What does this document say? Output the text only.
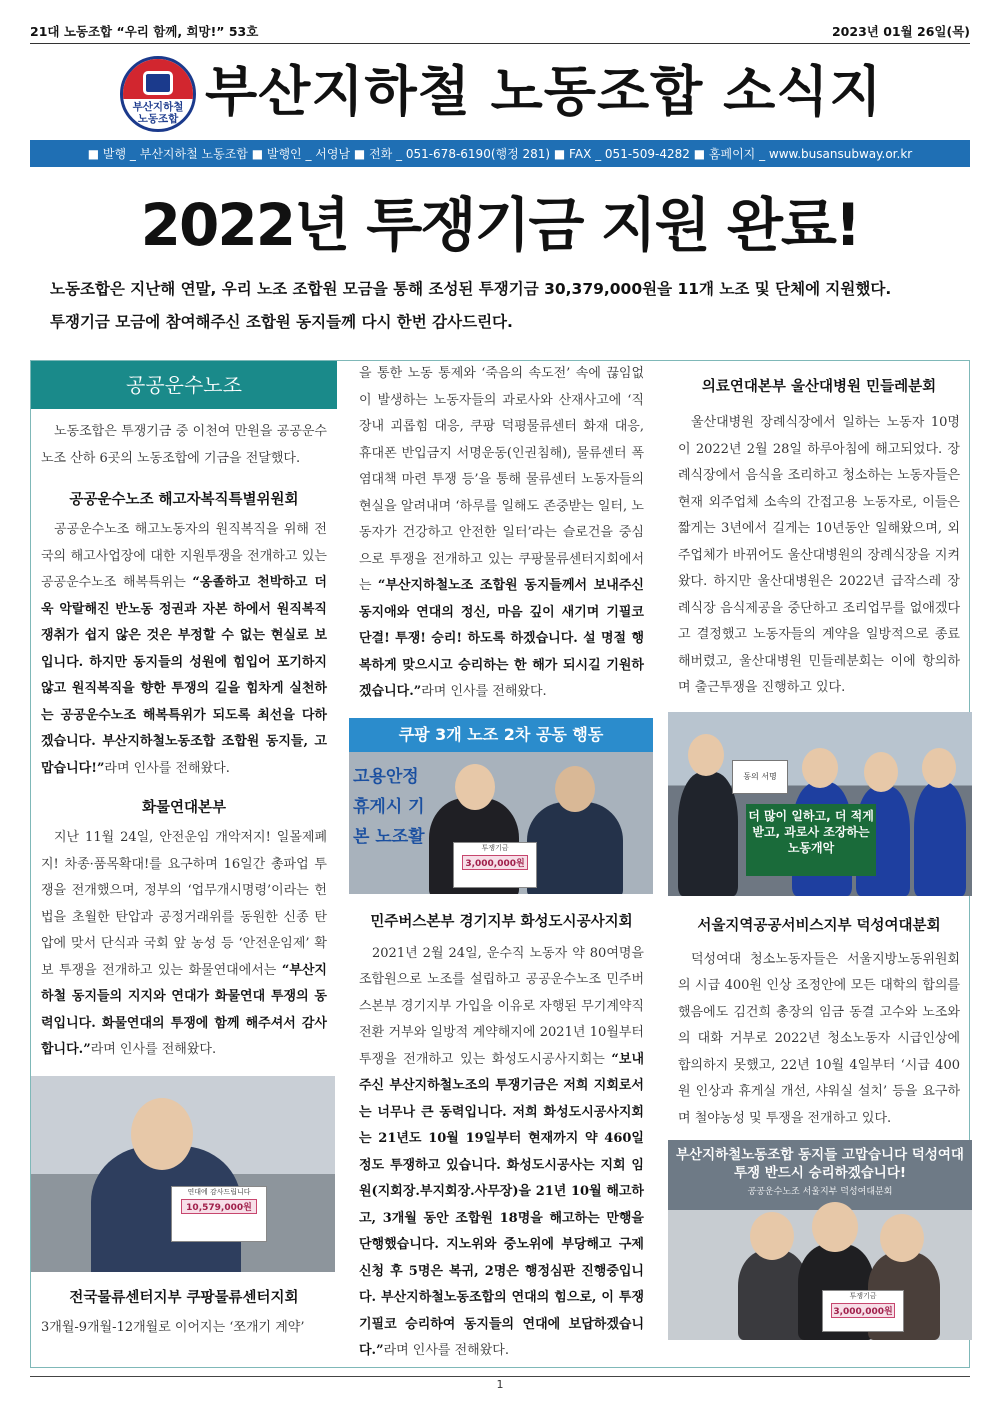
21대 노동조합 “우리 함께, 희망!” 53호	2023년 01월 26일(목)
부산지하철
노동조합 부산지하철 노동조합 소식지
■ 발행 _ 부산지하철 노동조합 ■ 발행인 _ 서영남 ■ 전화 _ 051-678-6190(행정 281) ■ FAX _ 051-509-4282 ■ 홈페이지 _ www.busansubway.or.kr
2022년 투쟁기금 지원 완료!
노동조합은 지난해 연말, 우리 노조 조합원 모금을 통해 조성된 투쟁기금 30,379,000원을 11개 노조 및 단체에 지원했다.
투쟁기금 모금에 참여해주신 조합원 동지들께 다시 한번 감사드린다.
공공운수노조

노동조합은 투쟁기금 중 이천여 만원을 공공운수노조 산하 6곳의 노동조합에 기금을 전달했다.

공공운수노조 해고자복직특별위원회

공공운수노조 해고노동자의 원직복직을 위해 전국의 해고사업장에 대한 지원투쟁을 전개하고 있는 공공운수노조 해복특위는 “옹졸하고 천박하고 더욱 악랄해진 반노동 정권과 자본 하에서 원직복직 쟁취가 쉽지 않은 것은 부정할 수 없는 현실로 보입니다. 하지만 동지들의 성원에 힘입어 포기하지 않고 원직복직을 향한 투쟁의 길을 힘차게 실천하는 공공운수노조 해복특위가 되도록 최선을 다하겠습니다. 부산지하철노동조합 조합원 동지들, 고맙습니다!”라며 인사를 전해왔다.

화물연대본부

지난 11월 24일, 안전운임 개악저지! 일몰제폐지! 차종·품목확대!를 요구하며 16일간 총파업 투쟁을 전개했으며, 정부의 ‘업무개시명령’이라는 헌법을 초월한 탄압과 공정거래위를 동원한 신종 탄압에 맞서 단식과 국회 앞 농성 등 ‘안전운임제’ 확보 투쟁을 전개하고 있는 화물연대에서는 “부산지하철 동지들의 지지와 연대가 화물연대 투쟁의 동력입니다. 화물연대의 투쟁에 함께 해주셔서 감사합니다.”라며 인사를 전해왔다.

연대에 감사드립니다
10,579,000원
전국물류센터지부 쿠팡물류센터지회

3개월-9개월-12개월로 이어지는 ‘쪼개기 계약’

을 통한 노동 통제와 ‘죽음의 속도전’ 속에 끊임없이 발생하는 노동자들의 과로사와 산재사고에 ‘직장내 괴롭힘 대응, 쿠팡 덕평물류센터 화재 대응, 휴대폰 반입금지 서명운동(인권침해), 물류센터 폭염대책 마련 투쟁 등’을 통해 물류센터 노동자들의 현실을 알려내며 ‘하루를 일해도 존중받는 일터, 노동자가 건강하고 안전한 일터’라는 슬로건을 중심으로 투쟁을 전개하고 있는 쿠팡물류센터지회에서는 “부산지하철노조 조합원 동지들께서 보내주신 동지애와 연대의 정신, 마음 깊이 새기며 기필코 단결! 투쟁! 승리! 하도록 하겠습니다. 설 명절 행복하게 맞으시고 승리하는 한 해가 되시길 기원하겠습니다.”라며 인사를 전해왔다.

쿠팡 3개 노조 2차 공동 행동
고용안정 휴게시 기본 노조활
투쟁기금
3,000,000원
민주버스본부 경기지부 화성도시공사지회

2021년 2월 24일, 운수직 노동자 약 80여명을 조합원으로 노조를 설립하고 공공운수노조 민주버스본부 경기지부 가입을 이유로 자행된 무기계약직 전환 거부와 일방적 계약해지에 2021년 10월부터 투쟁을 전개하고 있는 화성도시공사지회는 “보내주신 부산지하철노조의 투쟁기금은 저희 지회로서는 너무나 큰 동력입니다. 저희 화성도시공사지회는 21년도 10월 19일부터 현재까지 약 460일 정도 투쟁하고 있습니다. 화성도시공사는 지회 임원(지회장.부지회장.사무장)을 21년 10월 해고하고, 3개월 동안 조합원 18명을 해고하는 만행을 단행했습니다. 지노위와 중노위에 부당해고 구제신청 후 5명은 복귀, 2명은 행정심판 진행중입니다. 부산지하철노동조합의 연대의 힘으로, 이 투쟁 기필코 승리하여 동지들의 연대에 보답하겠습니다.”라며 인사를 전해왔다.

의료연대본부 울산대병원 민들레분회

울산대병원 장례식장에서 일하는 노동자 10명이 2022년 2월 28일 하루아침에 해고되었다. 장례식장에서 음식을 조리하고 청소하는 노동자들은 현재 외주업체 소속의 간접고용 노동자로, 이들은 짧게는 3년에서 길게는 10년동안 일해왔으며, 외주업체가 바뀌어도 울산대병원의 장례식장을 지켜왔다. 하지만 울산대병원은 2022년 급작스레 장례식장 음식제공을 중단하고 조리업무를 없애겠다고 결정했고 노동자들의 계약을 일방적으로 종료해버렸고, 울산대병원 민들레분회는 이에 항의하며 출근투쟁을 진행하고 있다.

동의 서명
더 많이 일하고, 더 적게 받고, 과로사 조장하는 노동개악
서울지역공공서비스지부 덕성여대분회

덕성여대 청소노동자들은 서울지방노동위원회의 시급 400원 인상 조정안에 모든 대학의 합의를 했음에도 김건희 총장의 임금 동결 고수와 노조와의 대화 거부로 2022년 청소노동자 시급인상에 합의하지 못했고, 22년 10월 4일부터 ‘시급 400원 인상과 휴게실 개선, 샤워실 설치’ 등을 요구하며 철야농성 및 투쟁을 전개하고 있다.

부산지하철노동조합 동지들 고맙습니다 덕성여대 투쟁 반드시 승리하겠습니다!
공공운수노조 서울지부 덕성여대분회
투쟁기금
3,000,000원
1
